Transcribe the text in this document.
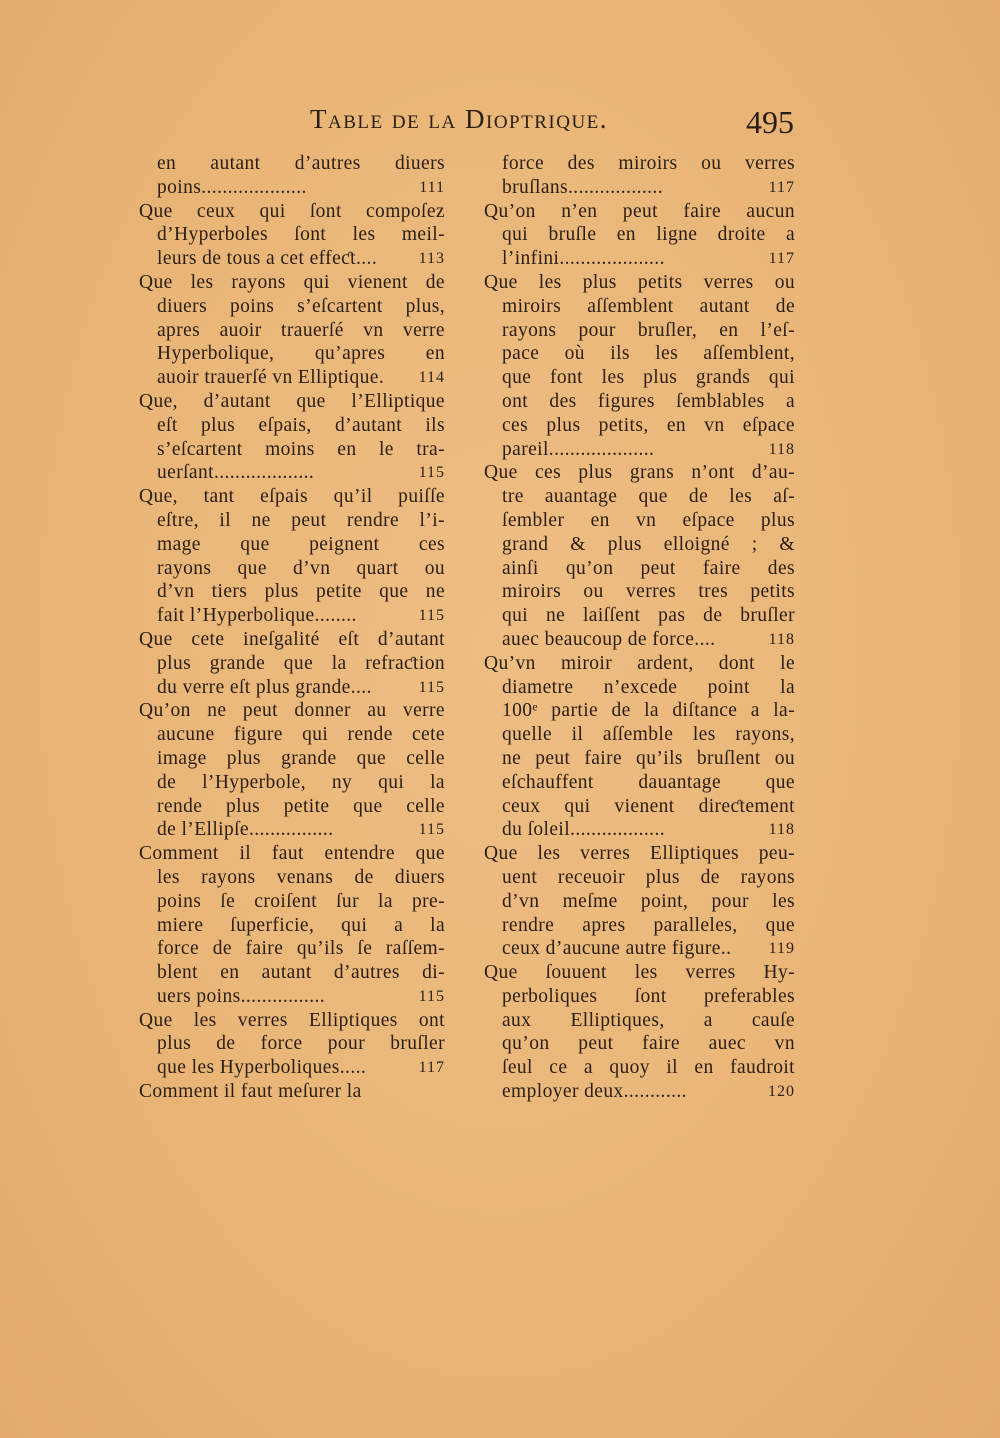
Table de la Dioptrique.	495
en autant d’autres diuers
poins....................	111
Que ceux qui ſont compoſez
d’Hyperboles ſont les meil-
leurs de tous a cet effeƈt....	113
Que les rayons qui vienent de
diuers poins s’eſcartent plus,
apres auoir trauerſé vn verre
Hyperbolique, qu’apres en
auoir trauerſé vn Elliptique.	114
Que, d’autant que l’Elliptique
eſt plus eſpais, d’autant ils
s’eſcartent moins en le tra-
uerſant...................	115
Que, tant eſpais qu’il puiſſe
eſtre, il ne peut rendre l’i-
mage que peignent ces
rayons que d’vn quart ou
d’vn tiers plus petite que ne
fait l’Hyperbolique........	115
Que cete ineſgalité eſt d’autant
plus grande que la refraƈtion
du verre eſt plus grande....	115
Qu’on ne peut donner au verre
aucune figure qui rende cete
image plus grande que celle
de l’Hyperbole, ny qui la
rende plus petite que celle
de l’Ellipſe................	115
Comment il faut entendre que
les rayons venans de diuers
poins ſe croiſent ſur la pre-
miere ſuperficie, qui a la
force de faire qu’ils ſe raſſem-
blent en autant d’autres di-
uers poins................	115
Que les verres Elliptiques ont
plus de force pour bruſler
que les Hyperboliques.....	117
Comment il faut meſurer la
force des miroirs ou verres
bruſlans..................	117
Qu’on n’en peut faire aucun
qui bruſle en ligne droite a
l’infini....................	117
Que les plus petits verres ou
miroirs aſſemblent autant de
rayons pour bruſler, en l’eſ-
pace où ils les aſſemblent,
que font les plus grands qui
ont des figures ſemblables a
ces plus petits, en vn eſpace
pareil....................	118
Que ces plus grans n’ont d’au-
tre auantage que de les aſ-
ſembler en vn eſpace plus
grand & plus elloigné ; &
ainſi qu’on peut faire des
miroirs ou verres tres petits
qui ne laiſſent pas de bruſler
auec beaucoup de force....	118
Qu’vn miroir ardent, dont le
diametre n’excede point la
100ᵉ partie de la diſtance a la-
quelle il aſſemble les rayons,
ne peut faire qu’ils bruſlent ou
eſchauffent dauantage que
ceux qui vienent direƈtement
du ſoleil..................	118
Que les verres Elliptiques peu-
uent receuoir plus de rayons
d’vn meſme point, pour les
rendre apres paralleles, que
ceux d’aucune autre figure..	119
Que ſouuent les verres Hy-
perboliques ſont preferables
aux Elliptiques, a cauſe
qu’on peut faire auec vn
ſeul ce a quoy il en faudroit
employer deux............	120
